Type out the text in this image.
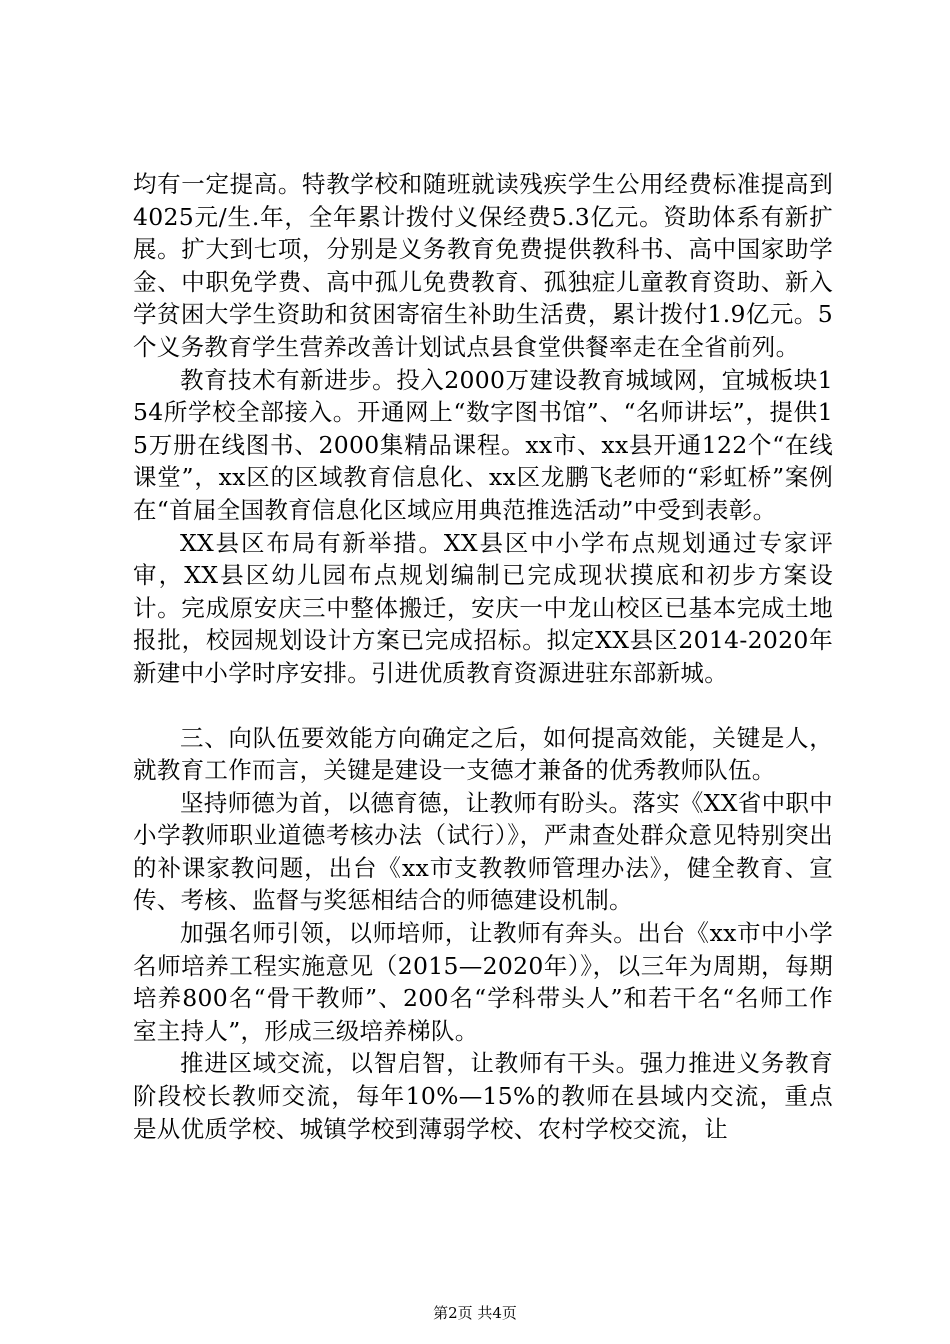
均有一定提高。特教学校和随班就读残疾学生公用经费标准提高到4025元/生.年，全年累计拨付义保经费5.3亿元。资助体系有新扩展。扩大到七项，分别是义务教育免费提供教科书、高中国家助学金、中职免学费、高中孤儿免费教育、孤独症儿童教育资助、新入学贫困大学生资助和贫困寄宿生补助生活费，累计拨付1.9亿元。5个义务教育学生营养改善计划试点县食堂供餐率走在全省前列。

教育技术有新进步。投入2000万建设教育城域网，宜城板块154所学校全部接入。开通网上“数字图书馆”、“名师讲坛”，提供15万册在线图书、2000集精品课程。xx市、xx县开通122个“在线课堂”，xx区的区域教育信息化、xx区龙鹏飞老师的“彩虹桥”案例在“首届全国教育信息化区域应用典范推选活动”中受到表彰。

XX县区布局有新举措。XX县区中小学布点规划通过专家评审，XX县区幼儿园布点规划编制已完成现状摸底和初步方案设计。完成原安庆三中整体搬迁，安庆一中龙山校区已基本完成土地报批，校园规划设计方案已完成招标。拟定XX县区2014-2020年新建中小学时序安排。引进优质教育资源进驻东部新城。

三、向队伍要效能方向确定之后，如何提高效能，关键是人，就教育工作而言，关键是建设一支德才兼备的优秀教师队伍。

坚持师德为首，以德育德，让教师有盼头。落实《XX省中职中小学教师职业道德考核办法（试行）》，严肃查处群众意见特别突出的补课家教问题，出台《xx市支教教师管理办法》，健全教育、宣传、考核、监督与奖惩相结合的师德建设机制。

加强名师引领，以师培师，让教师有奔头。出台《xx市中小学名师培养工程实施意见（2015—2020年）》，以三年为周期，每期培养800名“骨干教师”、200名“学科带头人”和若干名“名师工作室主持人”，形成三级培养梯队。

推进区域交流，以智启智，让教师有干头。强力推进义务教育阶段校长教师交流，每年10%—15%的教师在县域内交流，重点是从优质学校、城镇学校到薄弱学校、农村学校交流，让

第2页 共4页
